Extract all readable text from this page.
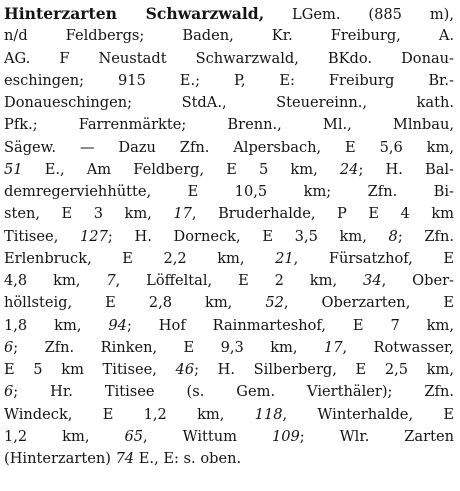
Hinterzarten Schwarzwald, LGem. (885 m),
n/d Feldbergs; Baden, Kr. Freiburg, A.
AG. F Neustadt Schwarzwald, BKdo. Donau-
eschingen; 915 E.; P, E: Freiburg Br.-
Donaueschingen; StdA., Steuereinn., kath.
Pfk.; Farrenmärkte; Brenn., Ml., Mlnbau,
Sägew. — Dazu Zfn. Alpersbach, E 5,6 km,
51 E., Am Feldberg, E 5 km, 24; H. Bal-
demregerviehhütte, E 10,5 km; Zfn. Bi-
sten, E 3 km, 17, Bruderhalde, P E 4 km
Titisee, 127; H. Dorneck, E 3,5 km, 8; Zfn.
Erlenbruck, E 2,2 km, 21, Fürsatzhof, E
4,8 km, 7, Löffeltal, E 2 km, 34, Ober-
höllsteig, E 2,8 km, 52, Oberzarten, E
1,8 km, 94; Hof Rainmarteshof, E 7 km,
6; Zfn. Rinken, E 9,3 km, 17, Rotwasser,
E 5 km Titisee, 46; H. Silberberg, E 2,5 km,
6; Hr. Titisee (s. Gem. Vierthäler); Zfn.
Windeck, E 1,2 km, 118, Winterhalde, E
1,2 km, 65, Wittum 109; Wlr. Zarten
(Hinterzarten) 74 E., E: s. oben.
